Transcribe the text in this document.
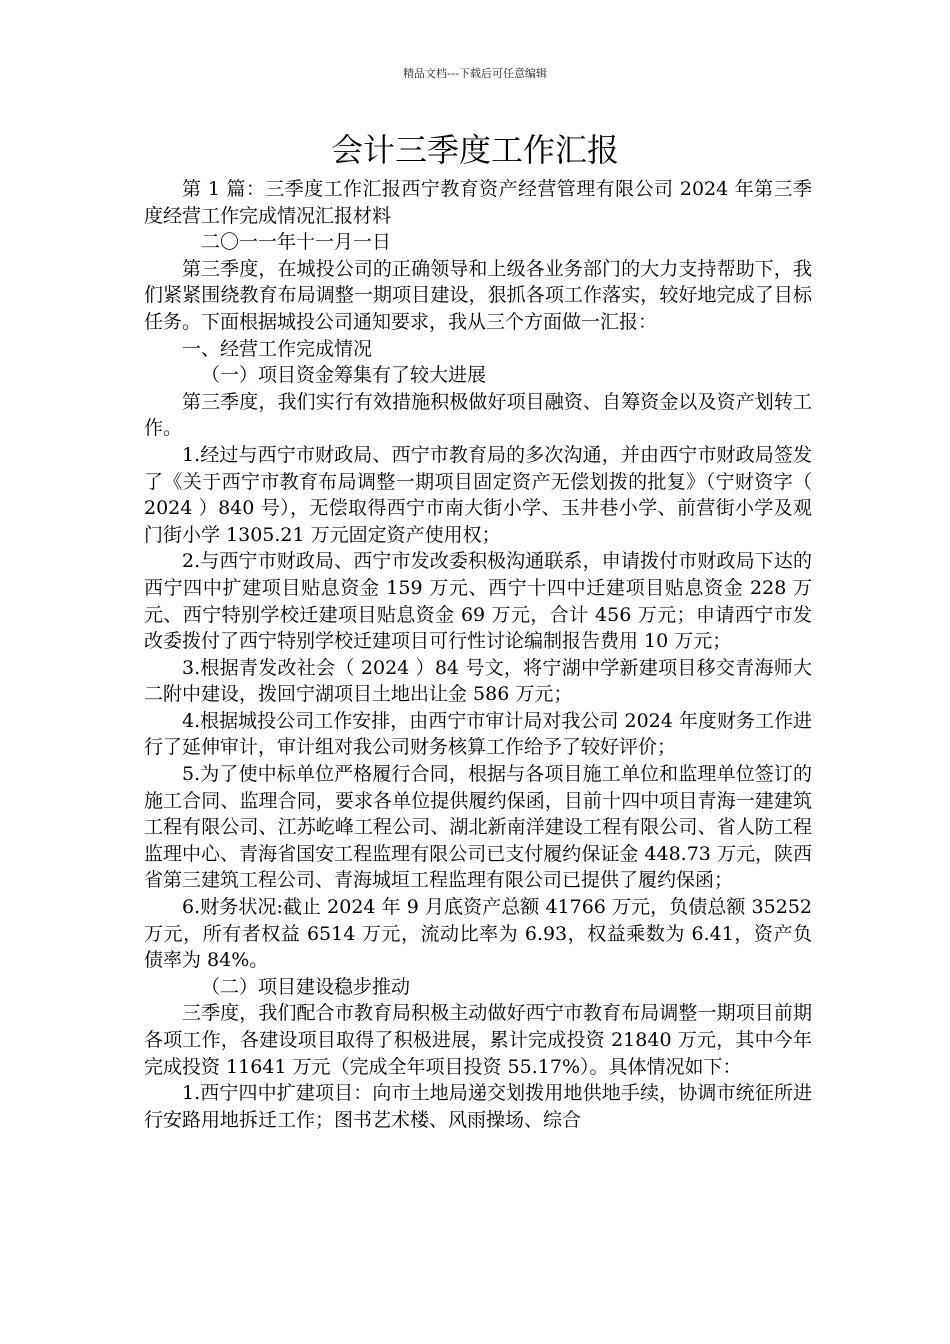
精品文档---下载后可任意编辑
会计三季度工作汇报

第 1 篇：三季度工作汇报西宁教育资产经营管理有限公司 2024 年第三季度经营工作完成情况汇报材料

二〇一一年十一月一日

第三季度，在城投公司的正确领导和上级各业务部门的大力支持帮助下，我们紧紧围绕教育布局调整一期项目建设，狠抓各项工作落实，较好地完成了目标任务。下面根据城投公司通知要求，我从三个方面做一汇报：

一、经营工作完成情况

（一）项目资金筹集有了较大进展

第三季度，我们实行有效措施积极做好项目融资、自筹资金以及资产划转工作。

1.经过与西宁市财政局、西宁市教育局的多次沟通，并由西宁市财政局签发了《关于西宁市教育布局调整一期项目固定资产无偿划拨的批复》（宁财资字（ 2024 ）840 号），无偿取得西宁市南大街小学、玉井巷小学、前营街小学及观门街小学 1305.21 万元固定资产使用权；

2.与西宁市财政局、西宁市发改委积极沟通联系，申请拨付市财政局下达的西宁四中扩建项目贴息资金 159 万元、西宁十四中迁建项目贴息资金 228 万元、西宁特别学校迁建项目贴息资金 69 万元，合计 456 万元；申请西宁市发改委拨付了西宁特别学校迁建项目可行性讨论编制报告费用 10 万元；

3.根据青发改社会（ 2024 ）84 号文，将宁湖中学新建项目移交青海师大二附中建设，拨回宁湖项目土地出让金 586 万元；

4.根据城投公司工作安排，由西宁市审计局对我公司 2024 年度财务工作进行了延伸审计，审计组对我公司财务核算工作给予了较好评价；

5.为了使中标单位严格履行合同，根据与各项目施工单位和监理单位签订的施工合同、监理合同，要求各单位提供履约保函，目前十四中项目青海一建建筑工程有限公司、江苏屹峰工程公司、湖北新南洋建设工程有限公司、省人防工程监理中心、青海省国安工程监理有限公司已支付履约保证金 448.73 万元，陕西省第三建筑工程公司、青海城垣工程监理有限公司已提供了履约保函；

6.财务状况:截止 2024 年 9 月底资产总额 41766 万元，负债总额 35252 万元，所有者权益 6514 万元，流动比率为 6.93，权益乘数为 6.41，资产负债率为 84%。

（二）项目建设稳步推动

三季度，我们配合市教育局积极主动做好西宁市教育布局调整一期项目前期各项工作，各建设项目取得了积极进展，累计完成投资 21840 万元，其中今年完成投资 11641 万元（完成全年项目投资 55.17%）。具体情况如下：

1.西宁四中扩建项目：向市土地局递交划拨用地供地手续，协调市统征所进行安路用地拆迁工作；图书艺术楼、风雨操场、综合
